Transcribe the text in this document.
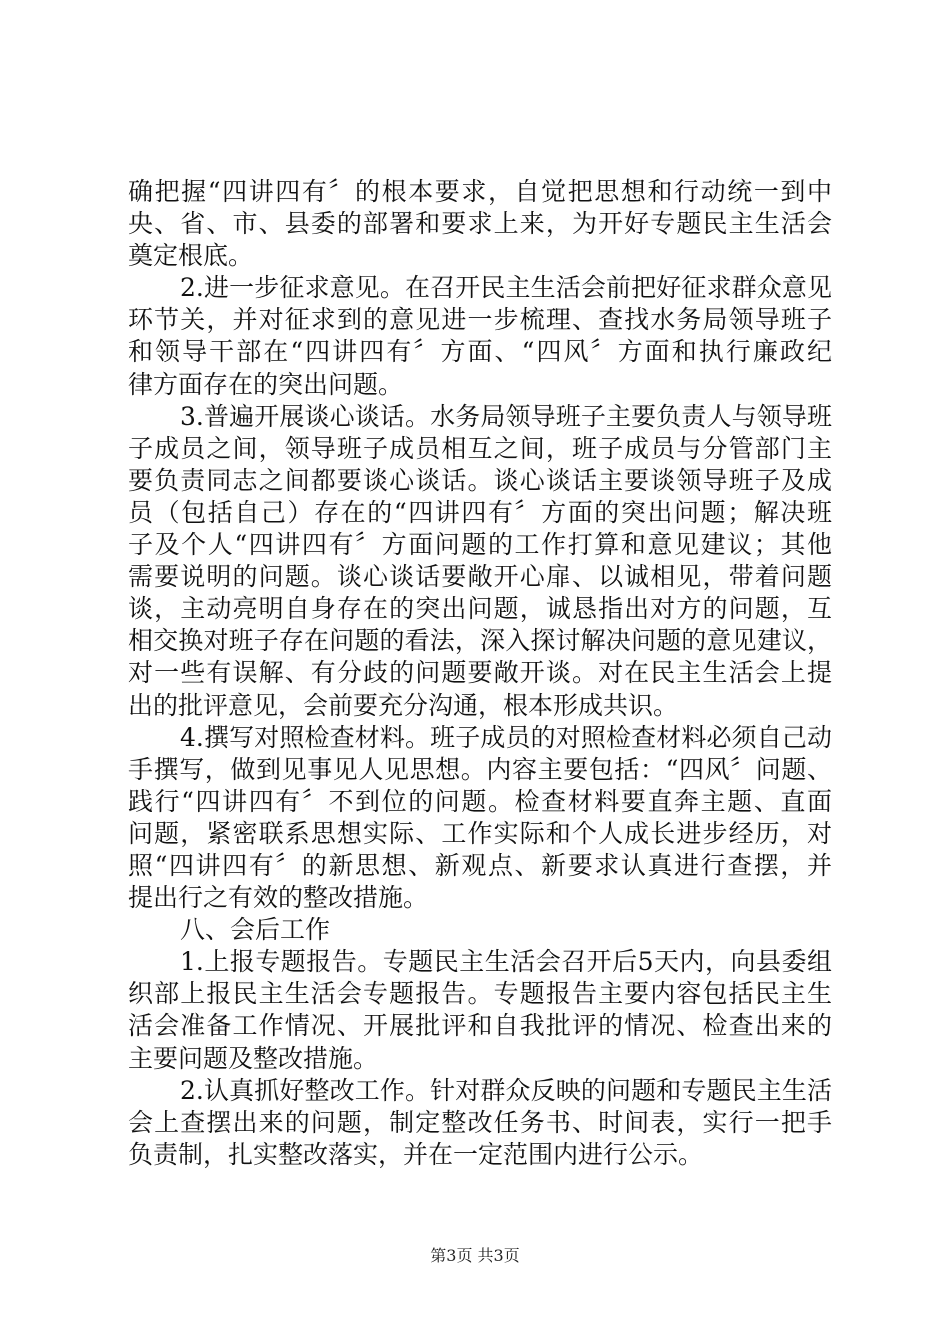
确把握“四讲四有〞的根本要求，自觉把思想和行动统一到中
央、省、市、县委的部署和要求上来，为开好专题民主生活会
奠定根底。
2.进一步征求意见。在召开民主生活会前把好征求群众意见
环节关，并对征求到的意见进一步梳理、查找水务局领导班子
和领导干部在“四讲四有〞方面、“四风〞方面和执行廉政纪
律方面存在的突出问题。
3.普遍开展谈心谈话。水务局领导班子主要负责人与领导班
子成员之间，领导班子成员相互之间，班子成员与分管部门主
要负责同志之间都要谈心谈话。谈心谈话主要谈领导班子及成
员（包括自己）存在的“四讲四有〞方面的突出问题；解决班
子及个人“四讲四有〞方面问题的工作打算和意见建议；其他
需要说明的问题。谈心谈话要敞开心扉、以诚相见，带着问题
谈，主动亮明自身存在的突出问题，诚恳指出对方的问题，互
相交换对班子存在问题的看法，深入探讨解决问题的意见建议，
对一些有误解、有分歧的问题要敞开谈。对在民主生活会上提
出的批评意见，会前要充分沟通，根本形成共识。
4.撰写对照检查材料。班子成员的对照检查材料必须自己动
手撰写，做到见事见人见思想。内容主要包括：“四风〞问题、
践行“四讲四有〞不到位的问题。检查材料要直奔主题、直面
问题，紧密联系思想实际、工作实际和个人成长进步经历，对
照“四讲四有〞的新思想、新观点、新要求认真进行查摆，并
提出行之有效的整改措施。
八、会后工作
1.上报专题报告。专题民主生活会召开后5天内，向县委组
织部上报民主生活会专题报告。专题报告主要内容包括民主生
活会准备工作情况、开展批评和自我批评的情况、检查出来的
主要问题及整改措施。
2.认真抓好整改工作。针对群众反映的问题和专题民主生活
会上查摆出来的问题，制定整改任务书、时间表，实行一把手
负责制，扎实整改落实，并在一定范围内进行公示。
第3页 共3页
